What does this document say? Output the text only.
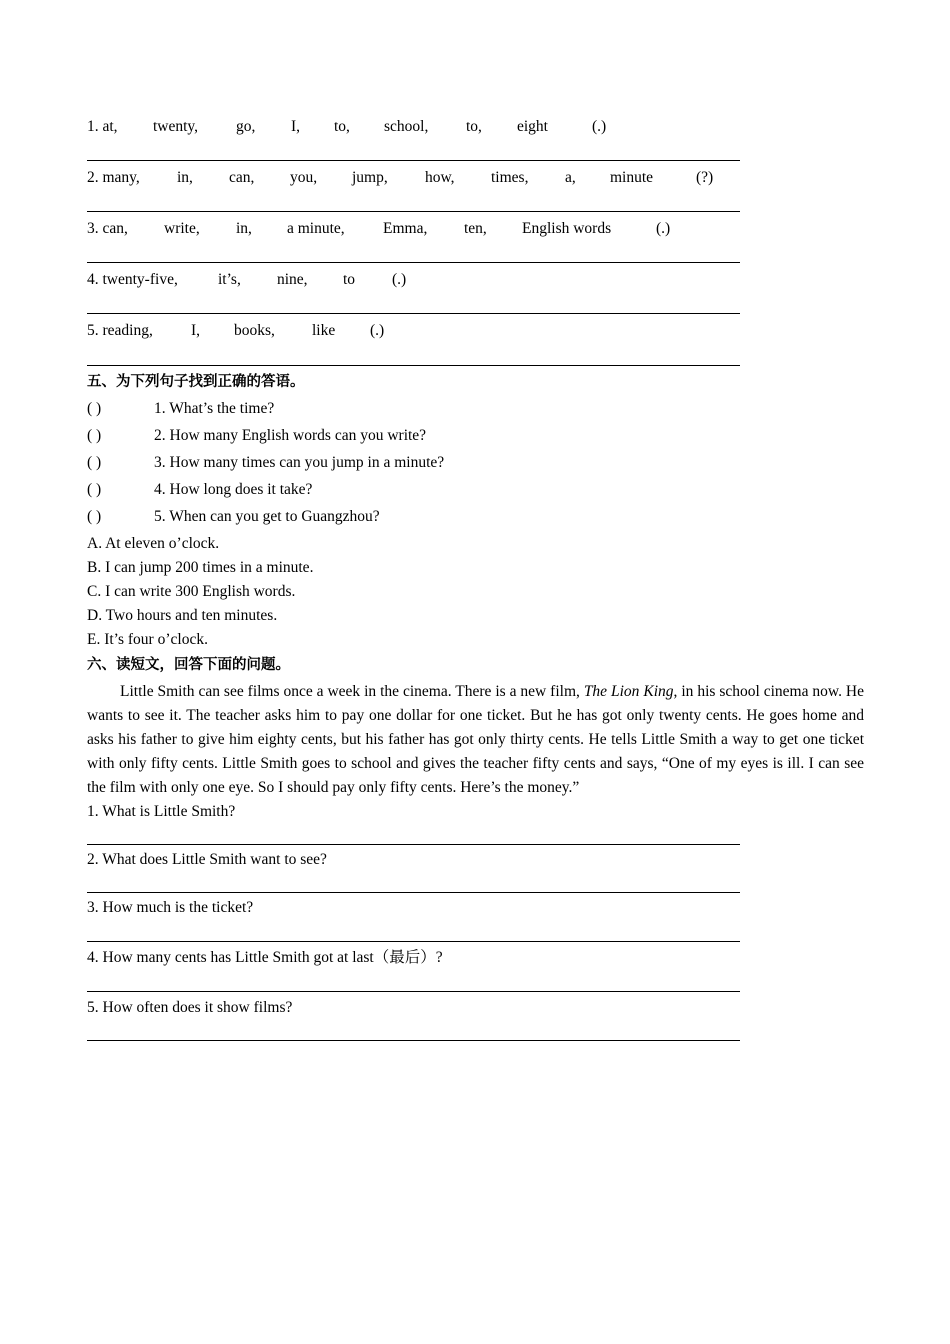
1. at, twenty, go, I, to, school, to, eight	(.)
2. many, in, can, you, jump, how, times, a, minute	(?)
3. can, write, in, a minute, Emma, ten, English words	(.)
4. twenty-five,	it’s, nine, to (.)
5. reading, I, books, like (.)
五、为下列句子找到正确的答语。
( )	1. What’s the time?
( )	2. How many English words can you write?
( )	3. How many times can you jump in a minute?
( )	4. How long does it take?
( )	5. When can you get to Guangzhou?
A. At eleven o’clock.
B. I can jump 200 times in a minute.
C. I can write 300 English words.
D. Two hours and ten minutes.
E. It’s four o’clock.
六、读短文，回答下面的问题。

Little Smith can see films once a week in the cinema. There is a new film, The Lion King, in his school cinema now. He wants to see it. The teacher asks him to pay one dollar for one ticket. But he has got only twenty cents. He goes home and asks his father to give him eighty cents, but his father has got only thirty cents. He tells Little Smith a way to get one ticket with only fifty cents. Little Smith goes to school and gives the teacher fifty cents and says, “One of my eyes is ill. I can see the film with only one eye. So I should pay only fifty cents. Here’s the money.”

1. What is Little Smith?
2. What does Little Smith want to see?
3. How much is the ticket?
4. How many cents has Little Smith got at last（最后）?
5. How often does it show films?
